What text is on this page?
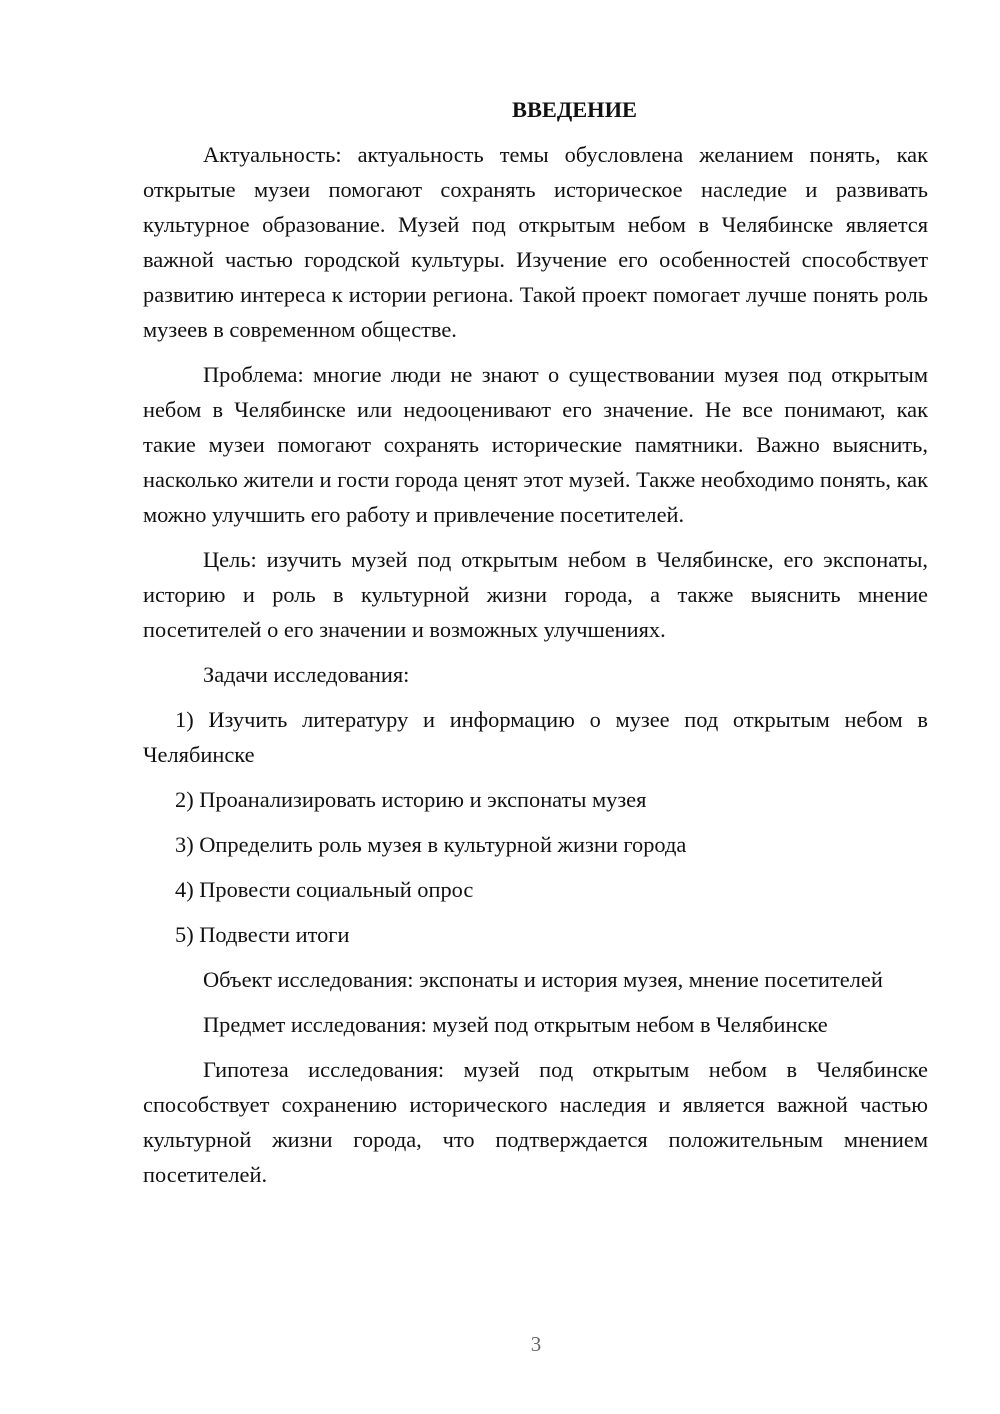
ВВЕДЕНИЕ

Актуальность: актуальность темы обусловлена желанием понять, как открытые музеи помогают сохранять историческое наследие и развивать культурное образование. Музей под открытым небом в Челябинске является важной частью городской культуры. Изучение его особенностей способствует развитию интереса к истории региона. Такой проект помогает лучше понять роль музеев в современном обществе.

Проблема: многие люди не знают о существовании музея под открытым небом в Челябинске или недооценивают его значение. Не все понимают, как такие музеи помогают сохранять исторические памятники. Важно выяснить, насколько жители и гости города ценят этот музей. Также необходимо понять, как можно улучшить его работу и привлечение посетителей.

Цель: изучить музей под открытым небом в Челябинске, его экспонаты, историю и роль в культурной жизни города, а также выяснить мнение посетителей о его значении и возможных улучшениях.

Задачи исследования:

1) Изучить литературу и информацию о музее под открытым небом в Челябинске

2) Проанализировать историю и экспонаты музея

3) Определить роль музея в культурной жизни города

4) Провести социальный опрос

5) Подвести итоги

Объект исследования: экспонаты и история музея, мнение посетителей

Предмет исследования: музей под открытым небом в Челябинске

Гипотеза исследования: музей под открытым небом в Челябинске способствует сохранению исторического наследия и является важной частью культурной жизни города, что подтверждается положительным мнением посетителей.

3
